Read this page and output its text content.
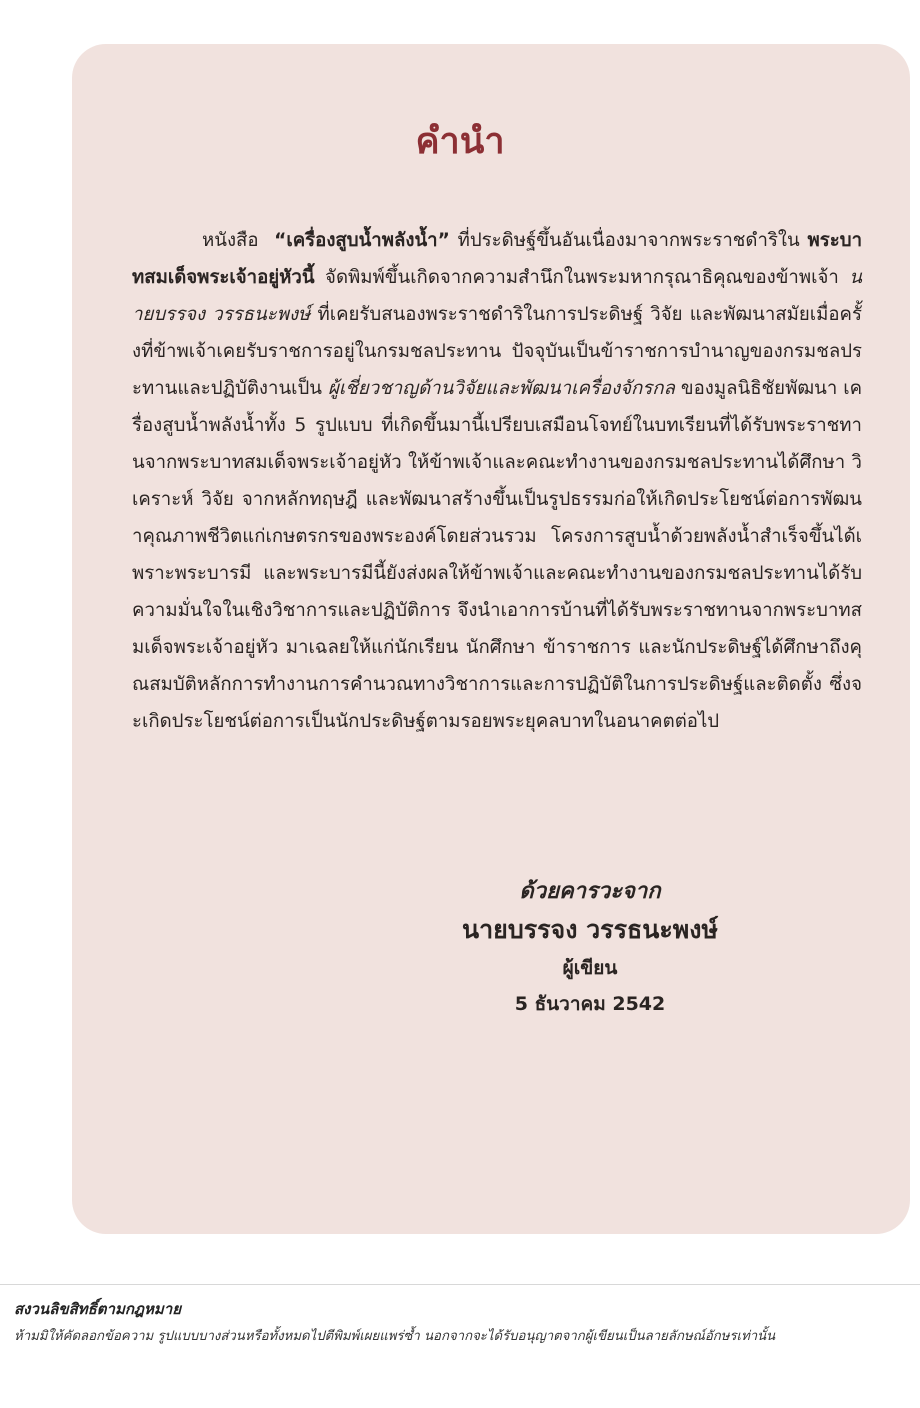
คำนำ

หนังสือ “เครื่องสูบน้ำพลังน้ำ” ที่ประดิษฐ์ขึ้นอันเนื่องมาจากพระราชดำริใน พระบาทสมเด็จพระเจ้าอยู่หัวนี้ จัดพิมพ์ขึ้นเกิดจากความสำนึกในพระมหากรุณาธิคุณของข้าพเจ้า นายบรรจง วรรธนะพงษ์ ที่เคยรับสนองพระราชดำริในการประดิษฐ์ วิจัย และพัฒนาสมัยเมื่อครั้งที่ข้าพเจ้าเคยรับราชการอยู่ในกรมชลประทาน ปัจจุบันเป็นข้าราชการบำนาญของกรมชลประทานและปฏิบัติงานเป็น ผู้เชี่ยวชาญด้านวิจัยและพัฒนาเครื่องจักรกล ของมูลนิธิชัยพัฒนา เครื่องสูบน้ำพลังน้ำทั้ง 5 รูปแบบ ที่เกิดขึ้นมานี้เปรียบเสมือนโจทย์ในบทเรียนที่ได้รับพระราชทานจากพระบาทสมเด็จพระเจ้าอยู่หัว ให้ข้าพเจ้าและคณะทำงานของกรมชลประทานได้ศึกษา วิเคราะห์ วิจัย จากหลักทฤษฎี และพัฒนาสร้างขึ้นเป็นรูปธรรมก่อให้เกิดประโยชน์ต่อการพัฒนาคุณภาพชีวิตแก่เกษตรกรของพระองค์โดยส่วนรวม โครงการสูบน้ำด้วยพลังน้ำสำเร็จขึ้นได้เพราะพระบารมี และพระบารมีนี้ยังส่งผลให้ข้าพเจ้าและคณะทำงานของกรมชลประทานได้รับความมั่นใจในเชิงวิชาการและปฏิบัติการ จึงนำเอาการบ้านที่ได้รับพระราชทานจากพระบาทสมเด็จพระเจ้าอยู่หัว มาเฉลยให้แก่นักเรียน นักศึกษา ข้าราชการ และนักประดิษฐ์ได้ศึกษาถึงคุณสมบัติหลักการทำงานการคำนวณทางวิชาการและการปฏิบัติในการประดิษฐ์และติดตั้ง ซึ่งจะเกิดประโยชน์ต่อการเป็นนักประดิษฐ์ตามรอยพระยุคลบาทในอนาคตต่อไป

ด้วยคารวะจาก
นายบรรจง วรรธนะพงษ์
ผู้เขียน
5 ธันวาคม 2542
สงวนลิขสิทธิ์ตามกฎหมาย
ห้ามมิให้คัดลอกข้อความ รูปแบบบางส่วนหรือทั้งหมดไปตีพิมพ์เผยแพร่ซ้ำ นอกจากจะได้รับอนุญาตจากผู้เขียนเป็นลายลักษณ์อักษรเท่านั้น
